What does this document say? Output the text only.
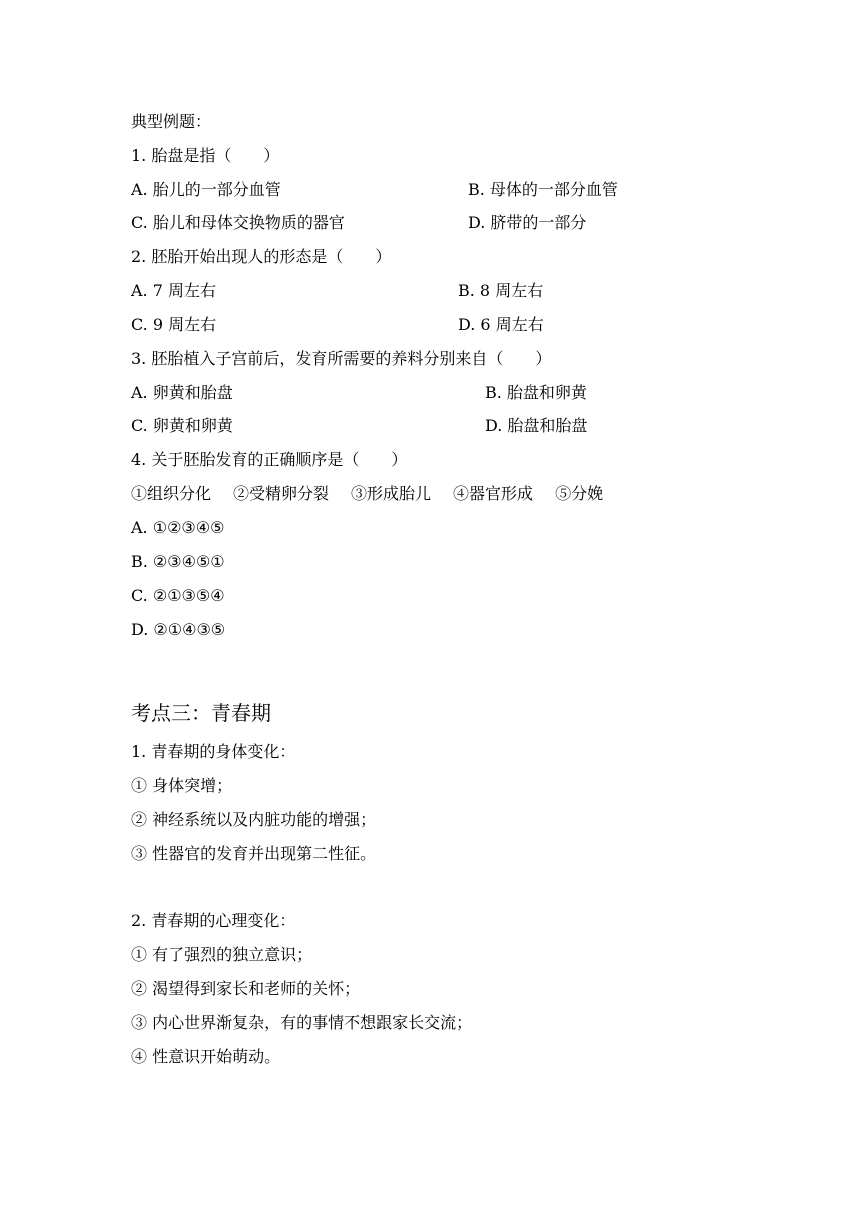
典型例题：
1. 胎盘是指（　　）
A. 胎儿的一部分血管	B. 母体的一部分血管
C. 胎儿和母体交换物质的器官	D. 脐带的一部分
2. 胚胎开始出现人的形态是（　　）
A. 7 周左右	B. 8 周左右
C. 9 周左右	D. 6 周左右
3. 胚胎植入子宫前后，发育所需要的养料分别来自（　　）
A. 卵黄和胎盘	B. 胎盘和卵黄
C. 卵黄和卵黄	D. 胎盘和胎盘
4. 关于胚胎发育的正确顺序是（　　）
①组织分化 ②受精卵分裂 ③形成胎儿 ④器官形成 ⑤分娩
A. ①②③④⑤
B. ②③④⑤①
C. ②①③⑤④
D. ②①④③⑤
考点三：青春期
1. 青春期的身体变化：
① 身体突增；
② 神经系统以及内脏功能的增强；
③ 性器官的发育并出现第二性征。
2. 青春期的心理变化：
① 有了强烈的独立意识；
② 渴望得到家长和老师的关怀；
③ 内心世界渐复杂，有的事情不想跟家长交流；
④ 性意识开始萌动。
